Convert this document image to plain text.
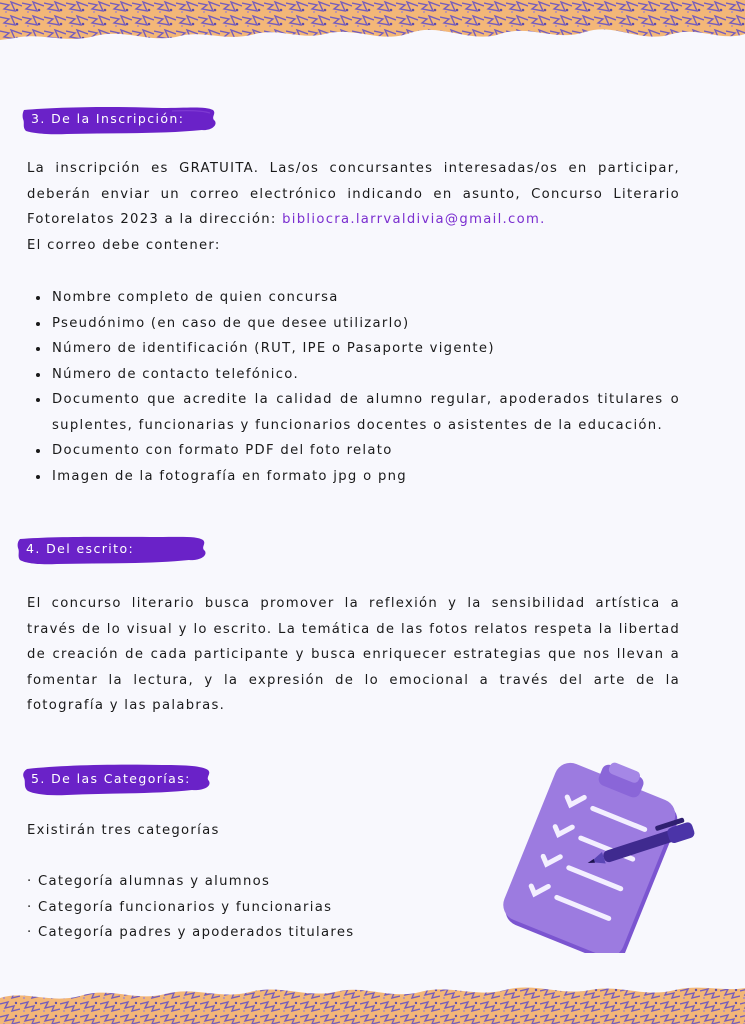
3. De la Inscripción:

La inscripción es GRATUITA. Las/os concursantes interesadas/os en participar, deberán enviar un correo electrónico indicando en asunto, Concurso Literario Fotorelatos 2023 a la dirección: bibliocra.larrvaldivia@gmail.com.

El correo debe contener:

Nombre completo de quien concursa
Pseudónimo (en caso de que desee utilizarlo)
Número de identificación (RUT, IPE o Pasaporte vigente)
Número de contacto telefónico.
Documento que acredite la calidad de alumno regular, apoderados titulares o suplentes, funcionarias y funcionarios docentes o asistentes de la educación.
Documento con formato PDF del foto relato
Imagen de la fotografía en formato jpg o png
4. Del escrito:

El concurso literario busca promover la reflexión y la sensibilidad artística a través de lo visual y lo escrito. La temática de las fotos relatos respeta la libertad de creación de cada participante y busca enriquecer estrategias que nos llevan a fomentar la lectura, y la expresión de lo emocional a través del arte de la fotografía y las palabras.

5. De las Categorías:

Existirán tres categorías

· Categoría alumnas y alumnos
· Categoría funcionarios y funcionarias
· Categoría padres y apoderados titulares
